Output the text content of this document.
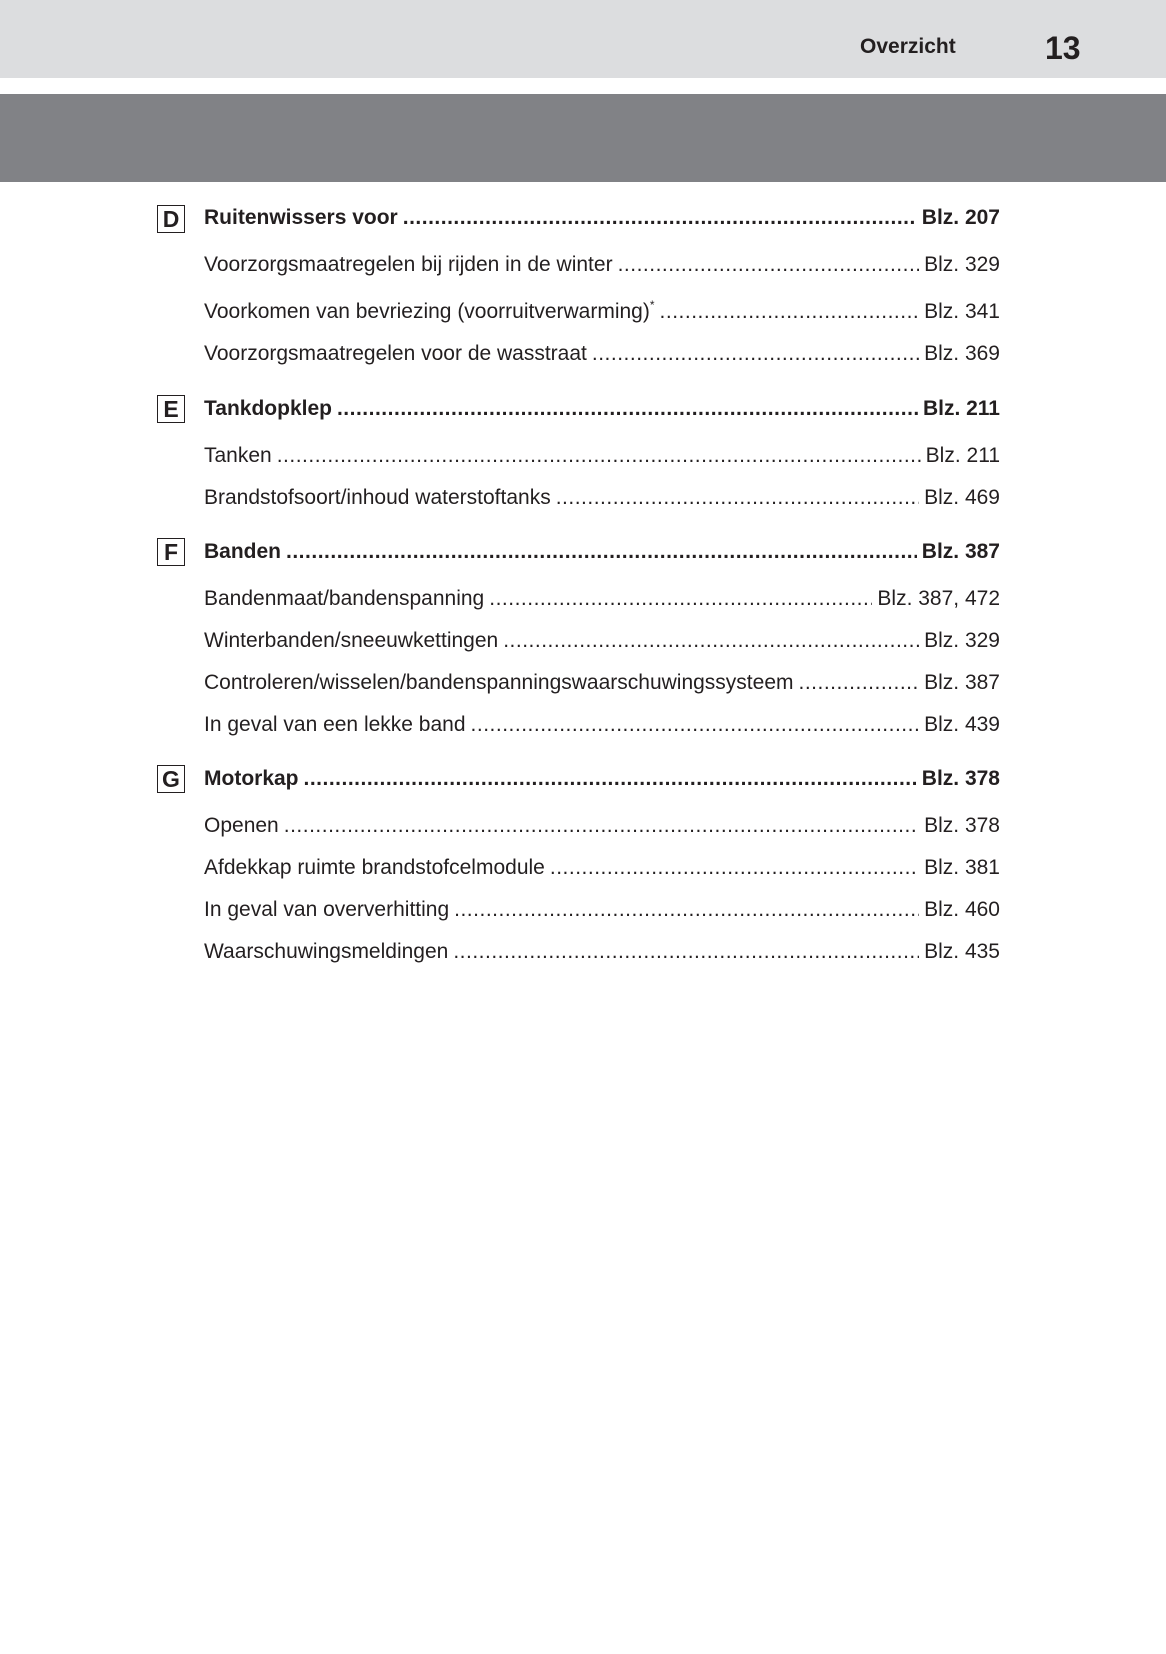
Overzicht	13
D Ruitenwissers voor .....	Blz. 207
Voorzorgsmaatregelen bij rijden in de winter .....	Blz. 329
Voorkomen van bevriezing (voorruitverwarming)* .....	Blz. 341
Voorzorgsmaatregelen voor de wasstraat .....	Blz. 369
E	Tankdopklep .....	Blz. 211
Tanken .....	Blz. 211
Brandstofsoort/inhoud waterstoftanks .....	Blz. 469
F	Banden .....	Blz. 387
Bandenmaat/bandenspanning .....	Blz. 387, 472
Winterbanden/sneeuwkettingen .....	Blz. 329
Controleren/wisselen/bandenspanningswaarschuwingssysteem .....	Blz. 387
In geval van een lekke band .....	Blz. 439
G Motorkap .....	Blz. 378
Openen .....	Blz. 378
Afdekkap ruimte brandstofcelmodule .....	Blz. 381
In geval van oververhitting .....	Blz. 460
Waarschuwingsmeldingen .....	Blz. 435
